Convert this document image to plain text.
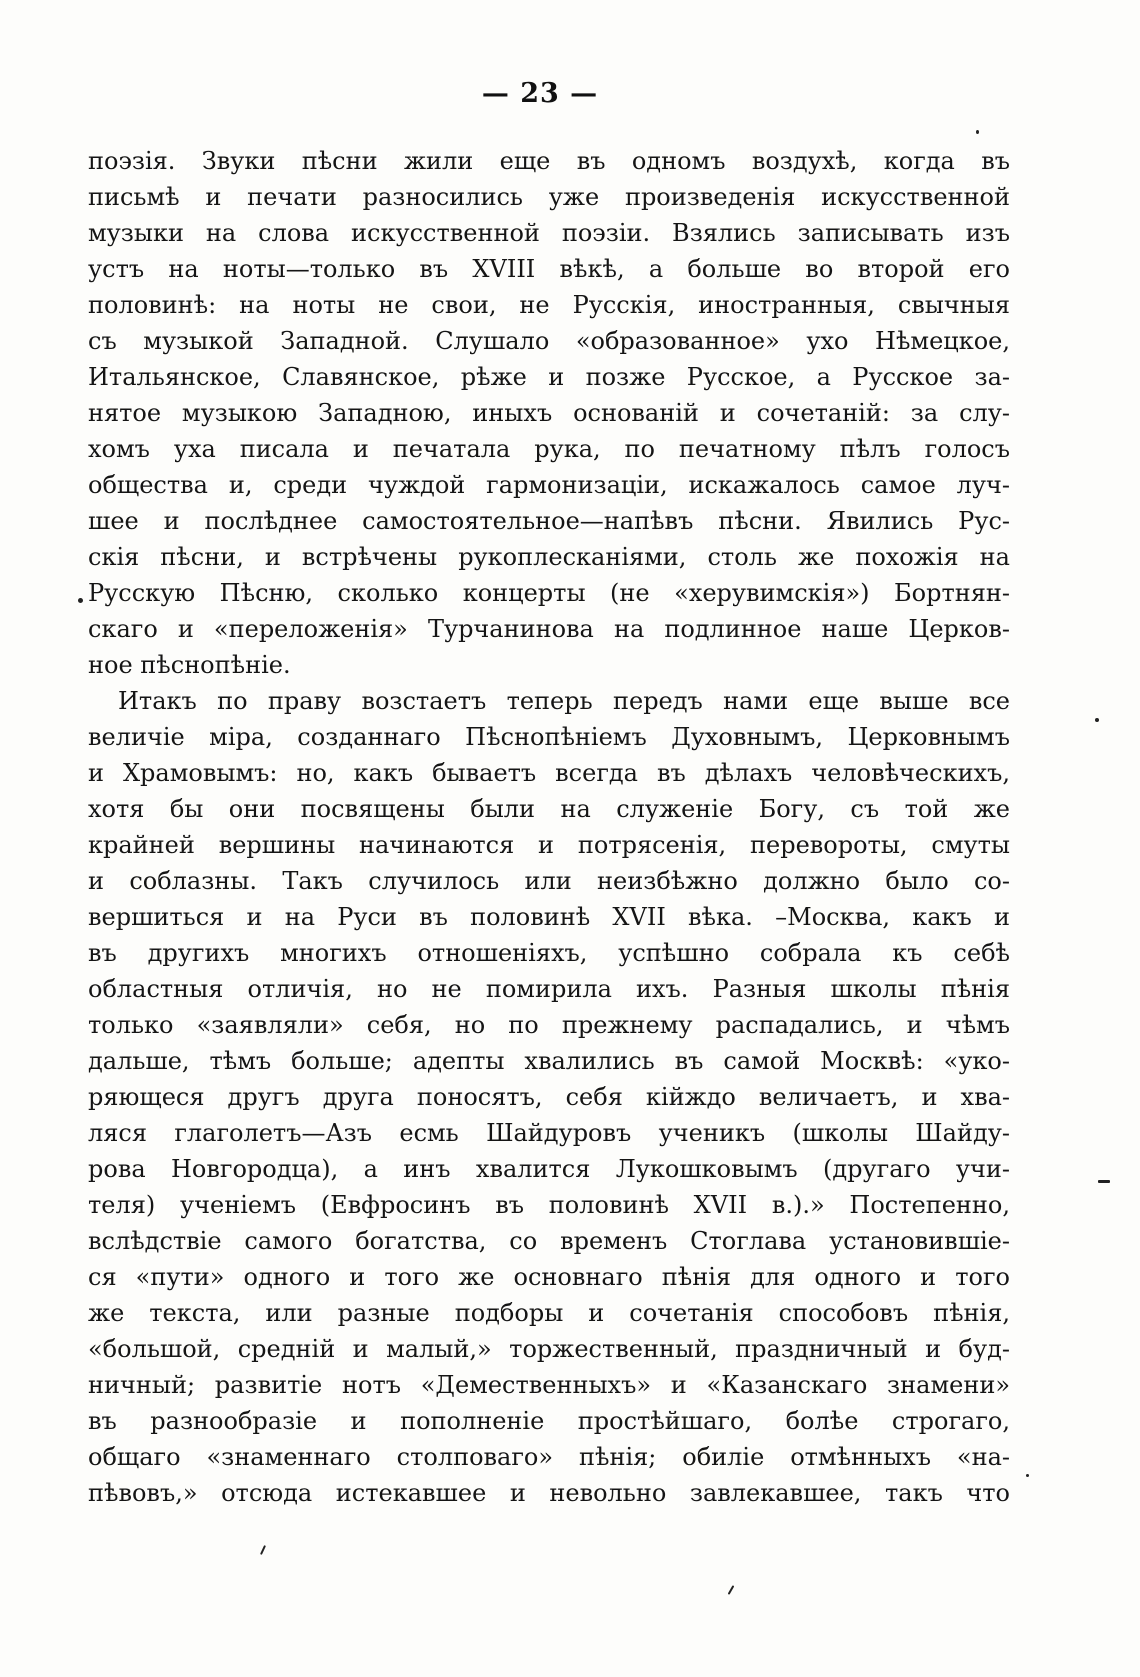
— 23 —
поэзія. Звуки пѣсни жили еще въ одномъ воздухѣ, когда въ
письмѣ и печати разносились уже произведенія искусственной
музыки на слова искусственной поэзіи. Взялись записывать изъ
устъ на ноты—только въ XVIII вѣкѣ, а больше во второй его
половинѣ: на ноты не свои, не Русскія, иностранныя, свычныя
съ музыкой Западной. Слушало «образованное» ухо Нѣмецкое,
Итальянское, Славянское, рѣже и позже Русское, а Русское за-
нятое музыкою Западною, иныхъ основаній и сочетаній: за слу-
хомъ уха писала и печатала рука, по печатному пѣлъ голосъ
общества и, среди чуждой гармонизаціи, искажалось самое луч-
шее и послѣднее самостоятельное—напѣвъ пѣсни. Явились Рус-
скія пѣсни, и встрѣчены рукоплесканіями, столь же похожія на
Русскую Пѣсню, сколько концерты (не «херувимскія») Бортнян-
скаго и «переложенія» Турчанинова на подлинное наше Церков-
ное пѣснопѣніе.
Итакъ по праву возстаетъ теперь передъ нами еще выше все
величіе міра, созданнаго Пѣснопѣніемъ Духовнымъ, Церковнымъ
и Храмовымъ: но, какъ бываетъ всегда въ дѣлахъ человѣческихъ,
хотя бы они посвящены были на служеніе Богу, съ той же
крайней вершины начинаются и потрясенія, перевороты, смуты
и соблазны. Такъ случилось или неизбѣжно должно было со-
вершиться и на Руси въ половинѣ XVII вѣка. –Москва, какъ и
въ другихъ многихъ отношеніяхъ, успѣшно собрала къ себѣ
областныя отличія, но не помирила ихъ. Разныя школы пѣнія
только «заявляли» себя, но по прежнему распадались, и чѣмъ
дальше, тѣмъ больше; адепты хвалились въ самой Москвѣ: «уко-
ряющеся другъ друга поносятъ, себя кійждо величаетъ, и хва-
ляся глаголетъ—Азъ есмь Шайдуровъ ученикъ (школы Шайду-
рова Новгородца), а инъ хвалится Лукошковымъ (другаго учи-
теля) ученіемъ (Евфросинъ въ половинѣ XVII в.).» Постепенно,
вслѣдствіе самого богатства, со временъ Стоглава установившіе-
ся «пути» одного и того же основнаго пѣнія для одного и того
же текста, или разные подборы и сочетанія способовъ пѣнія,
«большой, средній и малый,» торжественный, праздничный и буд-
ничный; развитіе нотъ «Демественныхъ» и «Казанскаго знамени»
въ разнообразіе и пополненіе простѣйшаго, болѣе строгаго,
общаго «знаменнаго столповаго» пѣнія; обиліе отмѣнныхъ «на-
пѣвовъ,» отсюда истекавшее и невольно завлекавшее, такъ что
